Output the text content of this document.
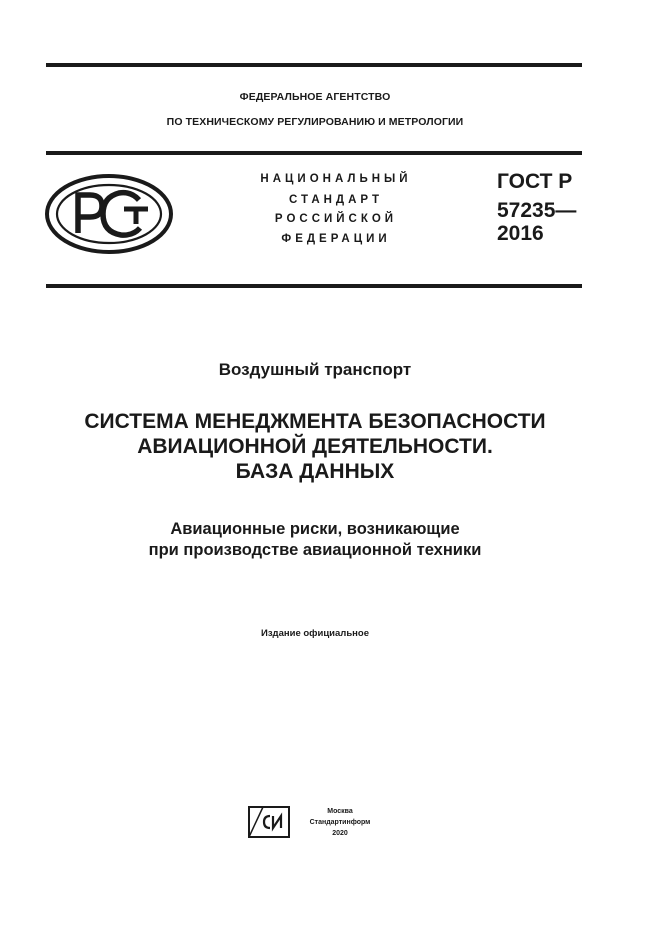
ФЕДЕРАЛЬНОЕ АГЕНТСТВО
ПО ТЕХНИЧЕСКОМУ РЕГУЛИРОВАНИЮ И МЕТРОЛОГИИ
НАЦИОНАЛЬНЫЙ
СТАНДАРТ
РОССИЙСКОЙ
ФЕДЕРАЦИИ
ГОСТ Р
57235—
2016
Воздушный транспорт
СИСТЕМА МЕНЕДЖМЕНТА БЕЗОПАСНОСТИ
АВИАЦИОННОЙ ДЕЯТЕЛЬНОСТИ.
БАЗА ДАННЫХ
Авиационные риски, возникающие
при производстве авиационной техники
Издание официальное
Москва
Стандартинформ
2020
